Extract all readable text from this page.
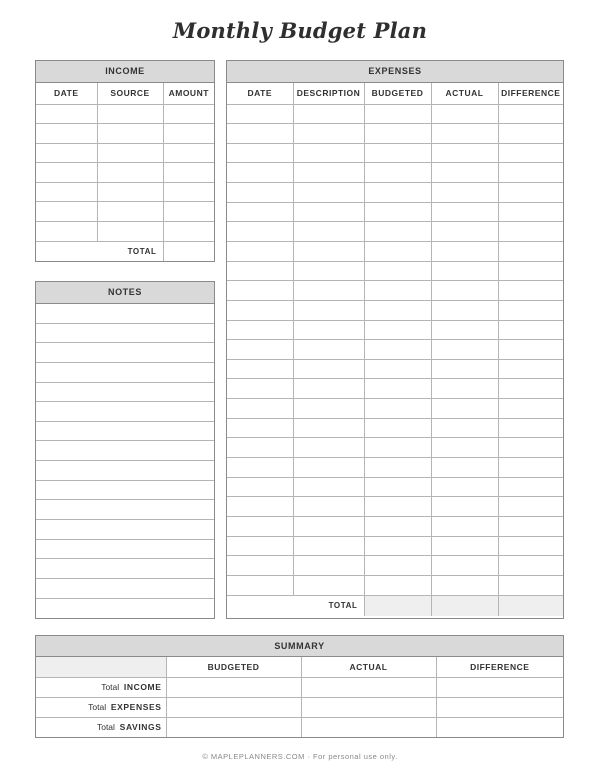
Monthly Budget Plan
INCOME
DATE	SOURCE	AMOUNT

TOTAL		
NOTES
EXPENSES
DATE	DESCRIPTION	BUDGETED	ACTUAL	DIFFERENCE

TOTAL				
SUMMARY
	BUDGETED	ACTUAL	DIFFERENCE
Total INCOME			
Total EXPENSES			
Total SAVINGS			
© MAPLEPLANNERS.COM · For personal use only.
